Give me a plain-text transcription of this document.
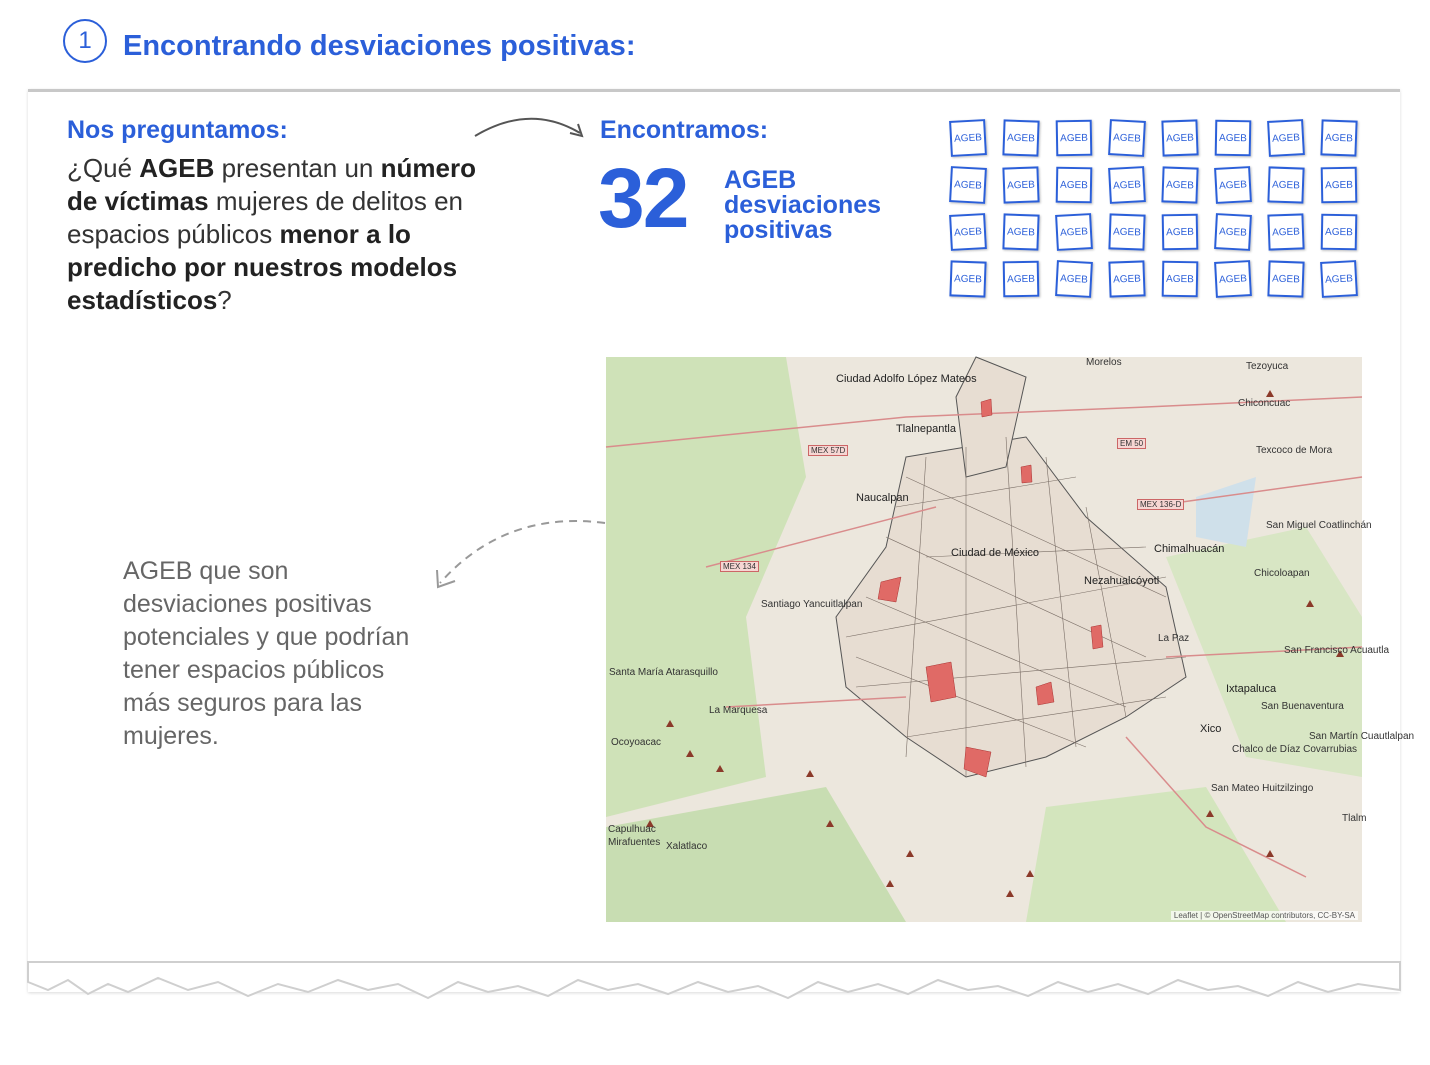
1	Encontrando desviaciones positivas:
Nos preguntamos:
¿Qué AGEB presentan un número de víctimas mujeres de delitos en espacios públicos menor a lo predicho por nuestros modelos estadísticos?
Encontramos:
32 AGEB
desviaciones
positivas
AGEB	AGEB	AGEB	AGEB	AGEB	AGEB	AGEB	AGEB
AGEB	AGEB	AGEB	AGEB	AGEB	AGEB	AGEB	AGEB
AGEB	AGEB	AGEB	AGEB	AGEB	AGEB	AGEB	AGEB
AGEB	AGEB	AGEB	AGEB	AGEB	AGEB	AGEB	AGEB
AGEB que son desviaciones positivas potenciales y que podrían tener espacios públicos más seguros para las mujeres.
Morelos
Ciudad Adolfo López Mateos
Tlalnepantla
Naucalpan
Ciudad de México	Chimalhuacán
Nezahualcóyotl
Santiago Yancuitlalpan
La Paz
Santa María Atarasquillo
La Marquesa
Ocoyoacac
Ixtapaluca
Xico
San Miguel Coatlinchán
Chicoloapan
San Francisco Acuautla
San Buenaventura
San Martín Cuautlalpan
Chalco de Díaz Covarrubias
San Mateo Huitzilzingo
Capulhuac
Mirafuentes Xalatlaco
Tezoyuca
Chiconcuac
Texcoco de Mora
Tlalm
MEX 57D
MEX 134
EM 50
MEX 136-D
Leaflet | © OpenStreetMap contributors, CC-BY-SA
